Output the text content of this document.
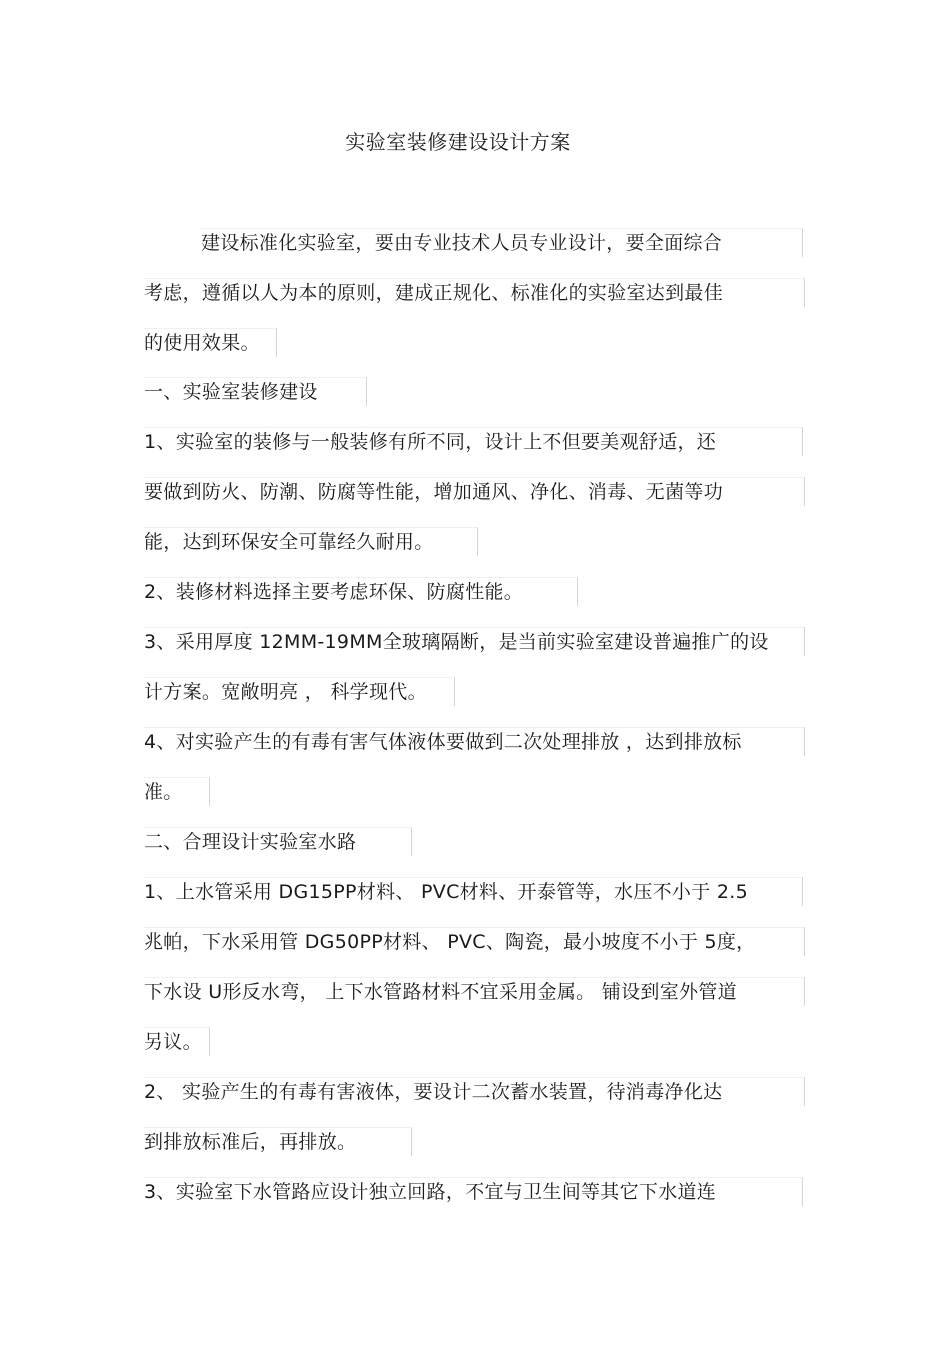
实验室装修建设设计方案
建设标准化实验室，要由专业技术人员专业设计，要全面综合
考虑，遵循以人为本的原则，建成正规化、标准化的实验室达到最佳
的使用效果。
一、实验室装修建设
1、实验室的装修与一般装修有所不同，设计上不但要美观舒适，还
要做到防火、防潮、防腐等性能，增加通风、净化、消毒、无菌等功
能，达到环保安全可靠经久耐用。
2、装修材料选择主要考虑环保、防腐性能。
3、采用厚度 12MM-19MM全玻璃隔断，是当前实验室建设普遍推广的设
计方案。宽敞明亮 ， 科学现代。
4、对实验产生的有毒有害气体液体要做到二次处理排放 ，达到排放标
准。
二、合理设计实验室水路
1、上水管采用 DG15PP材料、 PVC材料、开泰管等，水压不小于 2.5
兆帕，下水采用管 DG50PP材料、 PVC、陶瓷，最小坡度不小于 5度，
下水设 U形反水弯， 上下水管路材料不宜采用金属。 铺设到室外管道
另议。
2、 实验产生的有毒有害液体，要设计二次蓄水装置，待消毒净化达
到排放标准后，再排放。
3、实验室下水管路应设计独立回路，不宜与卫生间等其它下水道连
